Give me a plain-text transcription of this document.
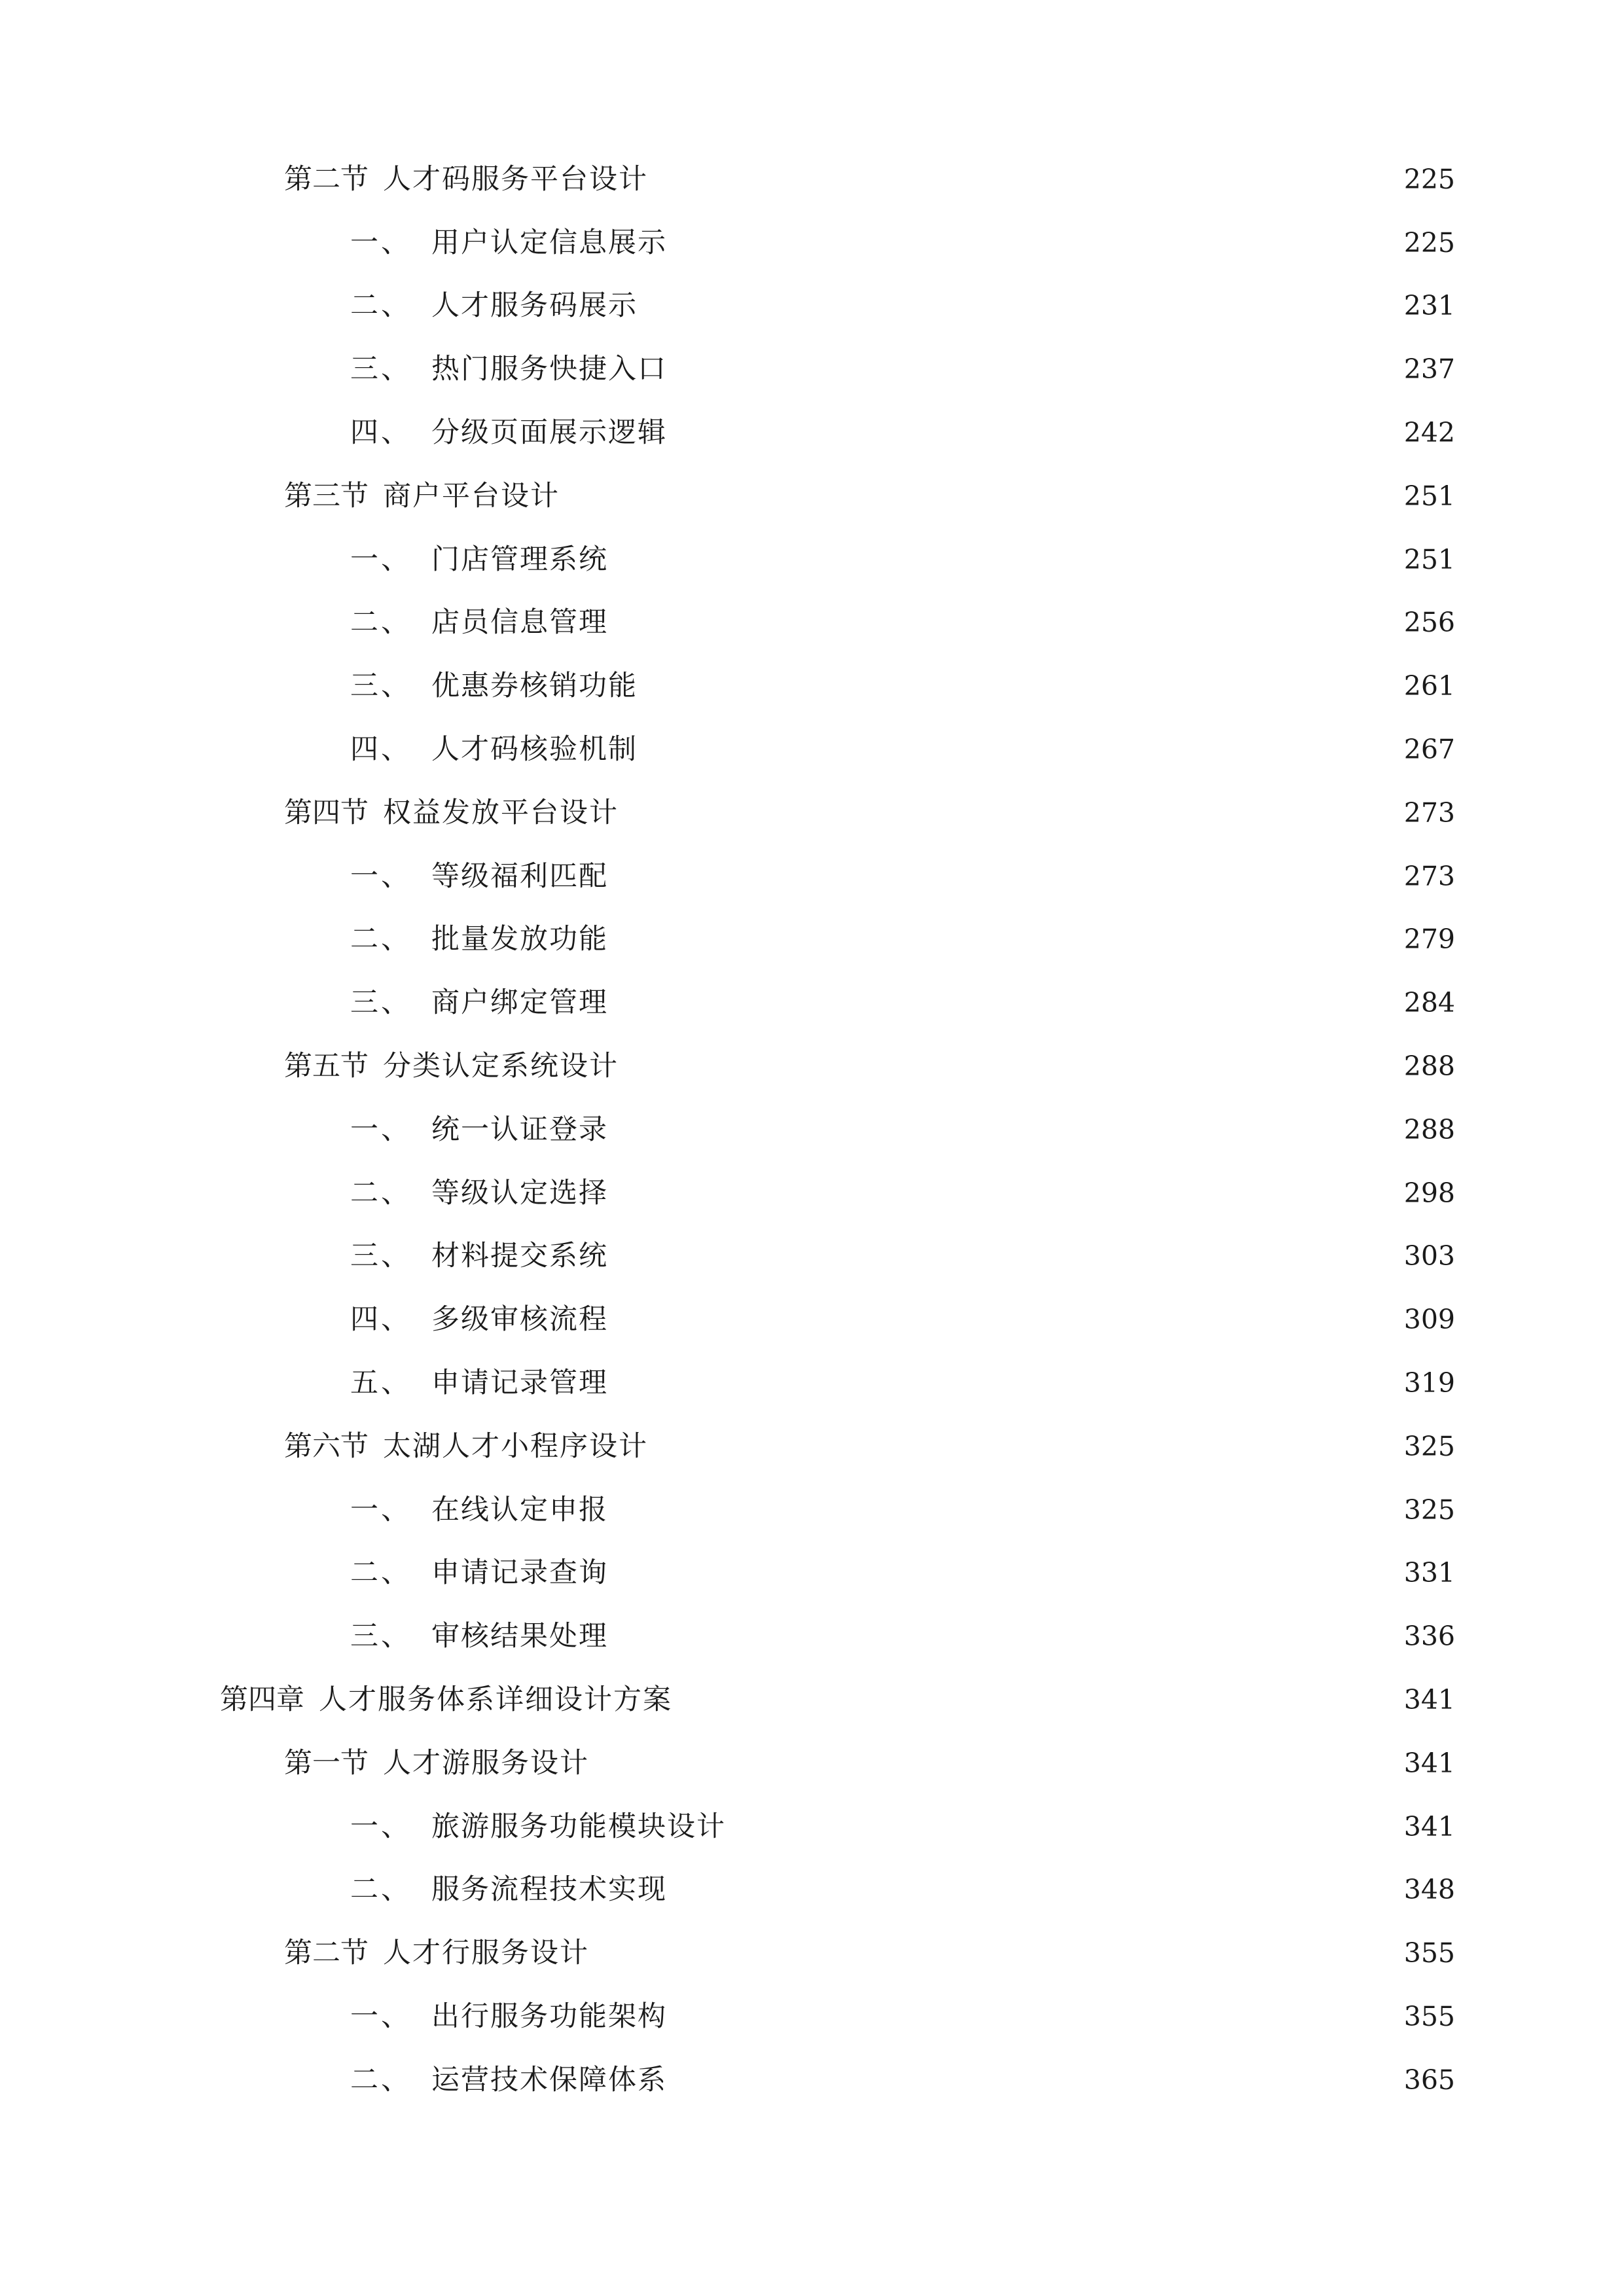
第二节 人才码服务平台设计	225
一、 用户认定信息展示	225
二、 人才服务码展示	231
三、 热门服务快捷入口	237
四、 分级页面展示逻辑	242
第三节 商户平台设计	251
一、 门店管理系统	251
二、 店员信息管理	256
三、 优惠券核销功能	261
四、 人才码核验机制	267
第四节 权益发放平台设计	273
一、 等级福利匹配	273
二、 批量发放功能	279
三、 商户绑定管理	284
第五节 分类认定系统设计	288
一、 统一认证登录	288
二、 等级认定选择	298
三、 材料提交系统	303
四、 多级审核流程	309
五、 申请记录管理	319
第六节 太湖人才小程序设计	325
一、 在线认定申报	325
二、 申请记录查询	331
三、 审核结果处理	336
第四章 人才服务体系详细设计方案	341
第一节 人才游服务设计	341
一、 旅游服务功能模块设计	341
二、 服务流程技术实现	348
第二节 人才行服务设计	355
一、 出行服务功能架构	355
二、 运营技术保障体系	365
